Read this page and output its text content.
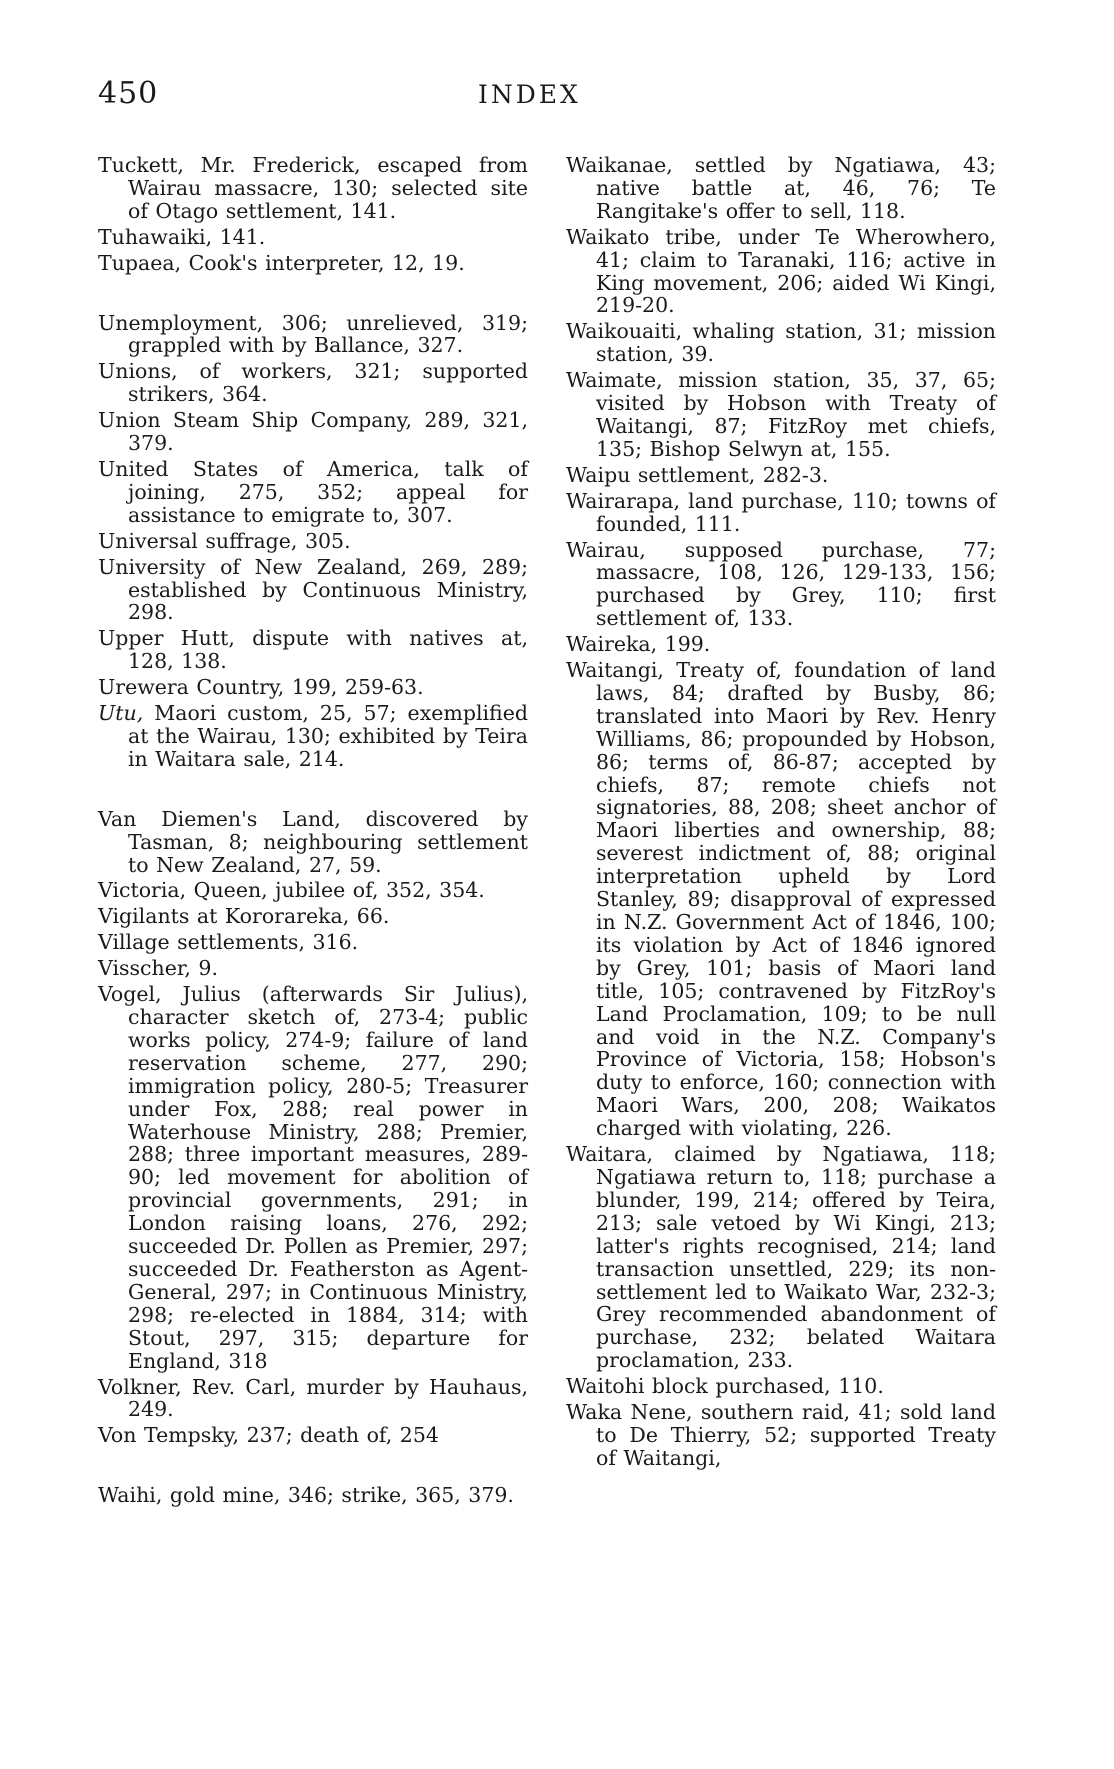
450	INDEX

Tuckett, Mr. Frederick, escaped from Wairau massacre, 130; selected site of Otago settlement, 141.

Tuhawaiki, 141.

Tupaea, Cook's interpreter, 12, 19.

Unemployment, 306; unrelieved, 319; grappled with by Ballance, 327.

Unions, of workers, 321; supported strikers, 364.

Union Steam Ship Company, 289, 321, 379.

United States of America, talk of joining, 275, 352; appeal for assistance to emigrate to, 307.

Universal suffrage, 305.

University of New Zealand, 269, 289; established by Continuous Ministry, 298.

Upper Hutt, dispute with natives at, 128, 138.

Urewera Country, 199, 259-63.

Utu, Maori custom, 25, 57; exemplified at the Wairau, 130; exhibited by Teira in Waitara sale, 214.

Van Diemen's Land, discovered by Tasman, 8; neighbouring settlement to New Zealand, 27, 59.

Victoria, Queen, jubilee of, 352, 354.

Vigilants at Kororareka, 66.

Village settlements, 316.

Visscher, 9.

Vogel, Julius (afterwards Sir Julius), character sketch of, 273-4; public works policy, 274-9; failure of land reservation scheme, 277, 290; immigration policy, 280-5; Treasurer under Fox, 288; real power in Waterhouse Ministry, 288; Premier, 288; three important measures, 289-90; led movement for abolition of provincial governments, 291; in London raising loans, 276, 292; succeeded Dr. Pollen as Premier, 297; succeeded Dr. Featherston as Agent-General, 297; in Continuous Ministry, 298; re-elected in 1884, 314; with Stout, 297, 315; departure for England, 318

Volkner, Rev. Carl, murder by Hauhaus, 249.

Von Tempsky, 237; death of, 254

Waihi, gold mine, 346; strike, 365, 379.

Waikanae, settled by Ngatiawa, 43; native battle at, 46, 76; Te Rangitake's offer to sell, 118.

Waikato tribe, under Te Wherowhero, 41; claim to Taranaki, 116; active in King movement, 206; aided Wi Kingi, 219-20.

Waikouaiti, whaling station, 31; mission station, 39.

Waimate, mission station, 35, 37, 65; visited by Hobson with Treaty of Waitangi, 87; FitzRoy met chiefs, 135; Bishop Selwyn at, 155.

Waipu settlement, 282-3.

Wairarapa, land purchase, 110; towns of founded, 111.

Wairau, supposed purchase, 77; massacre, 108, 126, 129-133, 156; purchased by Grey, 110; first settlement of, 133.

Waireka, 199.

Waitangi, Treaty of, foundation of land laws, 84; drafted by Busby, 86; translated into Maori by Rev. Henry Williams, 86; propounded by Hobson, 86; terms of, 86-87; accepted by chiefs, 87; remote chiefs not signatories, 88, 208; sheet anchor of Maori liberties and ownership, 88; severest indictment of, 88; original interpretation upheld by Lord Stanley, 89; disapproval of expressed in N.Z. Government Act of 1846, 100; its violation by Act of 1846 ignored by Grey, 101; basis of Maori land title, 105; contravened by FitzRoy's Land Proclamation, 109; to be null and void in the N.Z. Company's Province of Victoria, 158; Hobson's duty to enforce, 160; connection with Maori Wars, 200, 208; Waikatos charged with violating, 226.

Waitara, claimed by Ngatiawa, 118; Ngatiawa return to, 118; purchase a blunder, 199, 214; offered by Teira, 213; sale vetoed by Wi Kingi, 213; latter's rights recognised, 214; land transaction unsettled, 229; its non-settlement led to Waikato War, 232-3; Grey recommended abandonment of purchase, 232; belated Waitara proclamation, 233.

Waitohi block purchased, 110.

Waka Nene, southern raid, 41; sold land to De Thierry, 52; supported Treaty of Waitangi,
